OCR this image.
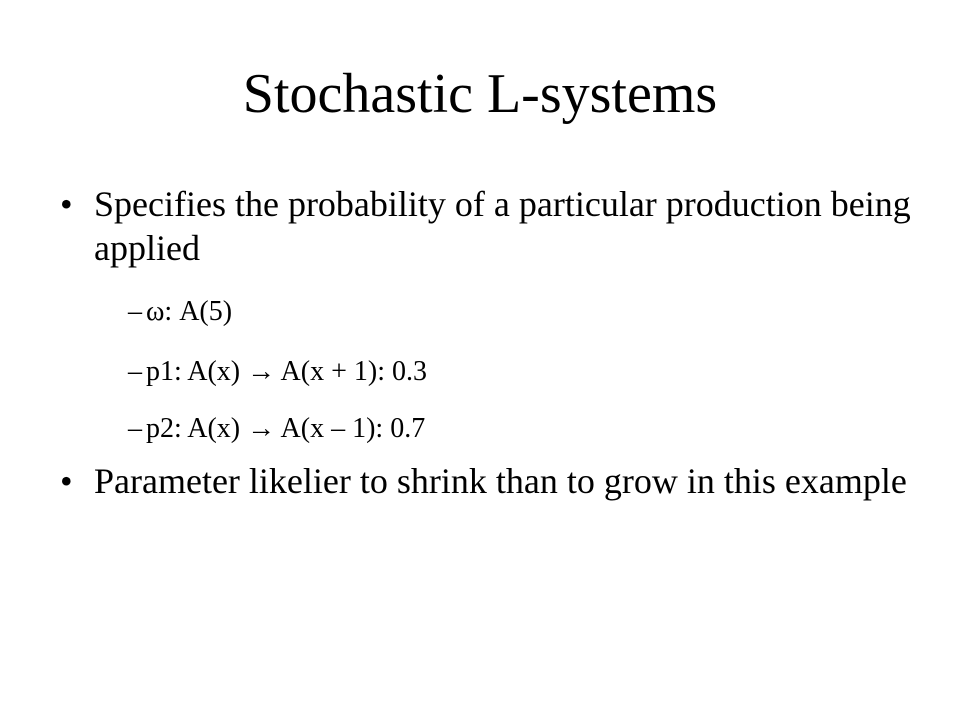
Stochastic L-systems
• Specifies the probability of a particular production being applied
– ω: A(5)
– p1: A(x) → A(x + 1): 0.3
– p2: A(x) → A(x – 1): 0.7
• Parameter likelier to shrink than to grow in this example
